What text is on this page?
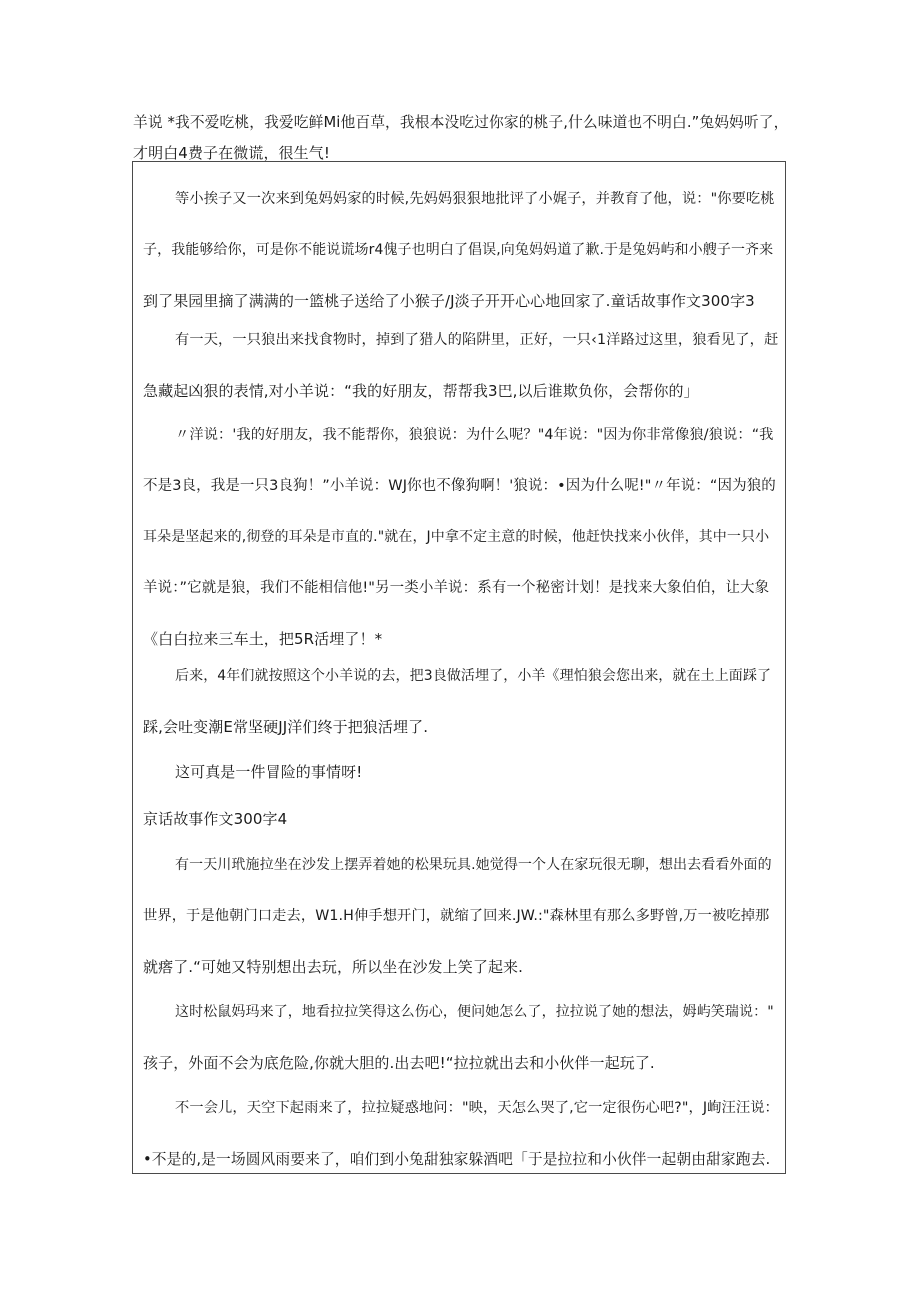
羊说 *我不爱吃桃，我爱吃鲜Mi他百草，我根本没吃过你家的桃子,什么味道也不明白.”兔妈妈听了，
才明白4费子在微谎，很生气!
等小挨子又一次来到兔妈妈家的时候,先妈妈狠狠地批评了小娓子，并教育了他，说："你要吃桃
子，我能够给你，可是你不能说谎场r4傀子也明白了倡误,向兔妈妈道了歉.于是兔妈屿和小艘子一齐来
到了果园里摘了满满的一篮桃子送给了小猴子/J淡子开开心心地回家了.童话故事作文300字3
有一天，一只狼出来找食物时，掉到了猎人的陷阱里，正好，一只‹1洋路过这里，狼看见了，赶
急藏起凶狠的表情,对小羊说：“我的好朋友，帮帮我3巴,以后谁欺负你，会帮你的」
〃洋说：'我的好朋友，我不能帮你，狼狼说：为什么呢？"4年说："因为你非常像狼/狼说：“我
不是3良，我是一只3良狗！”小羊说：WJ你也不像狗啊！'狼说：•因为什么呢!"〃年说：“因为狼的
耳朵是坚起来的,彻登的耳朵是市直的."就在，J中拿不定主意的时候，他赶快找来小伙伴，其中一只小
羊说：”它就是狼，我们不能相信他!"另一类小羊说：系有一个秘密计划！是找来大象伯伯，让大象
《白白拉来三车土，把5R活埋了！*
后来，4年们就按照这个小羊说的去，把3良做活埋了，小羊《理怕狼会您出来，就在土上面踩了
踩,会吐变潮E常坚硬JJ洋们终于把狼活埋了.
这可真是一件冒险的事情呀!
京话故事作文300字4
有一天川玳施拉坐在沙发上摆弄着她的松果玩具.她觉得一个人在家玩很无聊，想出去看看外面的
世界，于是他朝门口走去，W1.H伸手想开门，就缩了回来.JW.:"森林里有那么多野曾,万一被吃掉那
就瘩了.“可她又特别想出去玩，所以坐在沙发上笑了起来.
这时松鼠妈玛来了，地看拉拉笑得这么伤心，便问她怎么了，拉拉说了她的想法，姆屿笑瑞说："
孩子，外面不会为底危险,你就大胆的.出去吧!“拉拉就出去和小伙伴一起玩了.
不一会儿，天空下起雨来了，拉拉疑惑地问："映，天怎么哭了,它一定很伤心吧?"，J峋汪汪说：
•不是的,是一场圆风雨要来了，咱们到小兔甜独家躲酒吧「于是拉拉和小伙伴一起朝由甜家跑去.
